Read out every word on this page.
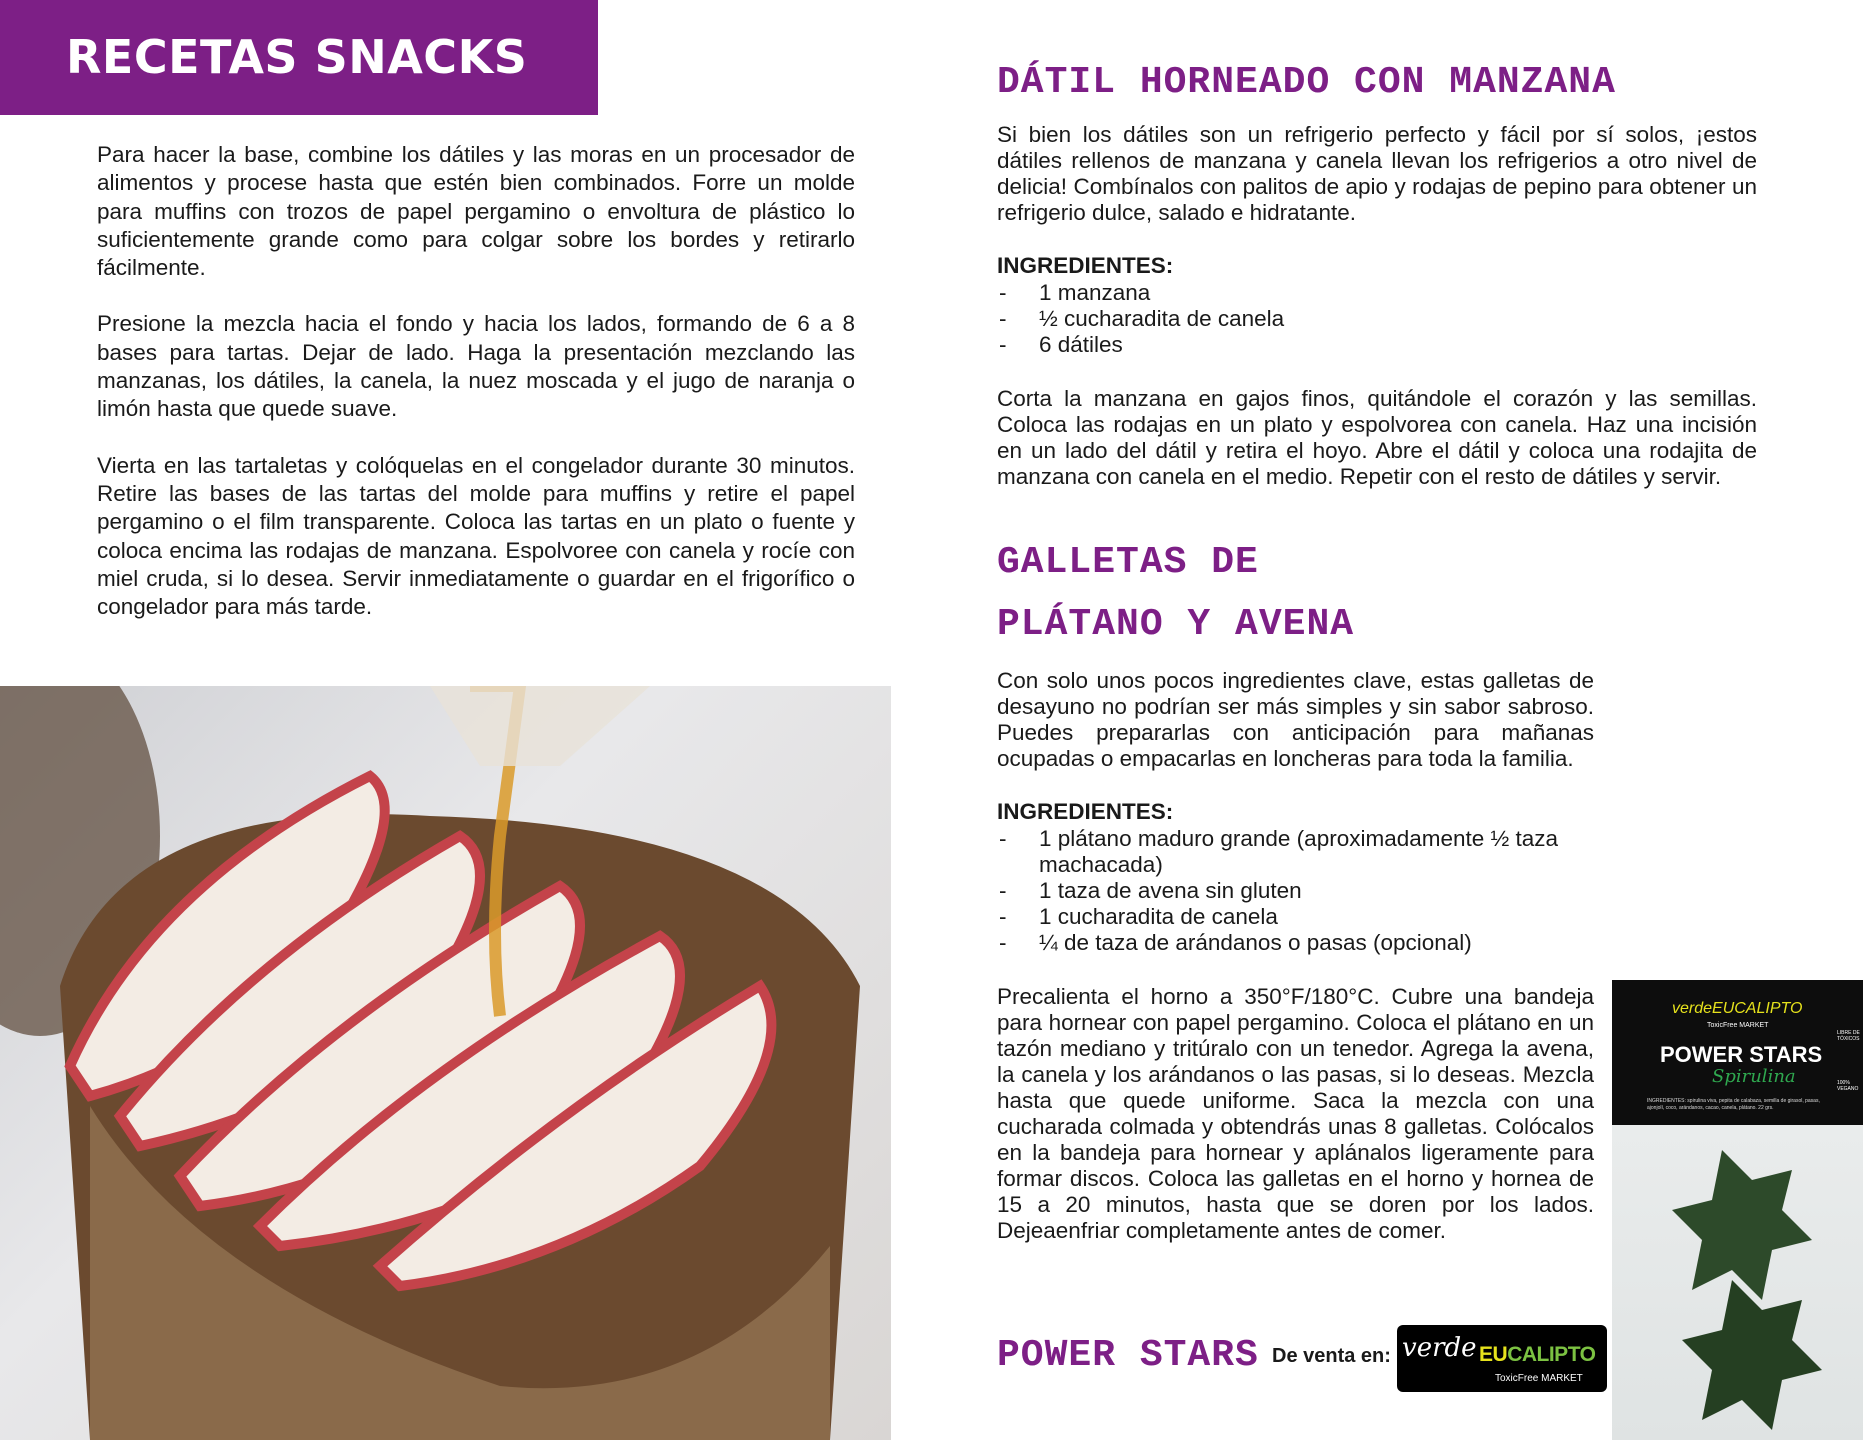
RECETAS SNACKS

Para hacer la base, combine los dátiles y las moras en un procesador de alimentos y procese hasta que estén bien combinados. Forre un molde para muffins con trozos de papel pergamino o envoltura de plástico lo suficientemente grande como para colgar sobre los bordes y retirarlo fácilmente.

Presione la mezcla hacia el fondo y hacia los lados, formando de 6 a 8 bases para tartas. Dejar de lado. Haga la presentación mezclando las manzanas, los dátiles, la canela, la nuez moscada y el jugo de naranja o limón hasta que quede suave.

Vierta en las tartaletas y colóquelas en el congelador durante 30 minutos. Retire las bases de las tartas del molde para muffins y retire el papel pergamino o el film transparente. Coloca las tartas en un plato o fuente y coloca encima las rodajas de manzana. Espolvoree con canela y rocíe con miel cruda, si lo desea. Servir inmediatamente o guardar en el frigorífico o congelador para más tarde.

DÁTIL HORNEADO CON MANZANA

Si bien los dátiles son un refrigerio perfecto y fácil por sí solos, ¡estos dátiles rellenos de manzana y canela llevan los refrigerios a otro nivel de delicia! Combínalos con palitos de apio y rodajas de pepino para obtener un refrigerio dulce, salado e hidratante.

INGREDIENTES:
- 1 manzana
- ½ cucharadita de canela
- 6 dátiles

Corta la manzana en gajos finos, quitándole el corazón y las semillas. Coloca las rodajas en un plato y espolvorea con canela. Haz una incisión en un lado del dátil y retira el hoyo. Abre el dátil y coloca una rodajita de manzana con canela en el medio. Repetir con el resto de dátiles y servir.

GALLETAS DE
PLÁTANO Y AVENA

Con solo unos pocos ingredientes clave, estas galletas de desayuno no podrían ser más simples y sin sabor sabroso. Puedes prepararlas con anticipación para mañanas ocupadas o empacarlas en loncheras para toda la familia.

INGREDIENTES:
- 1 plátano maduro grande (aproximadamente ½ taza machacada)
- 1 taza de avena sin gluten
- 1 cucharadita de canela
- ¼ de taza de arándanos o pasas (opcional)

Precalienta el horno a 350°F/180°C. Cubre una bandeja para hornear con papel pergamino. Coloca el plátano en un tazón mediano y tritúralo con un tenedor. Agrega la avena, la canela y los arándanos o las pasas, si lo deseas. Mezcla hasta que quede uniforme. Saca la mezcla con una cucharada colmada y obtendrás unas 8 galletas. Colócalos en la bandeja para hornear y aplánalos ligeramente para formar discos. Coloca las galletas en el horno y hornea de 15 a 20 minutos, hasta que se doren por los lados. Dejeaenfriar completamente antes de comer.

POWER STARS De venta en: verde EUCALIPTO
ToxicFree MARKET
verdeEUCALIPTO
ToxicFree MARKET
POWER STARS
Spirulina
INGREDIENTES: spirulina viva, pepita de calabaza, semilla de girasol, pasas, ajonjolí, coco, arándanos, cacao, canela, plátano. 22 grs.
LIBRE DE TÓXICOS
100% VEGANO
